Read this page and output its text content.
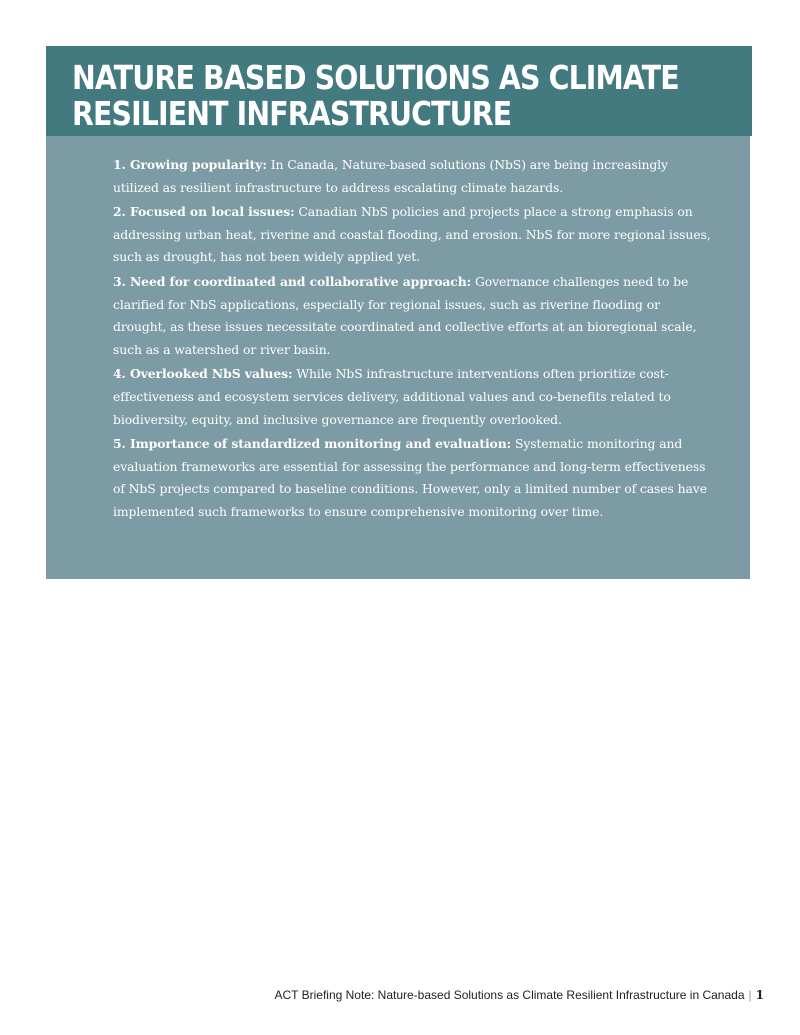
NATURE BASED SOLUTIONS AS CLIMATE
RESILIENT INFRASTRUCTURE
1. Growing popularity: In Canada, Nature-based solutions (NbS) are being increasingly utilized as resilient infrastructure to address escalating climate hazards.
2. Focused on local issues: Canadian NbS policies and projects place a strong emphasis on addressing urban heat, riverine and coastal flooding, and erosion. NbS for more regional issues, such as drought, has not been widely applied yet.
3. Need for coordinated and collaborative approach: Governance challenges need to be clarified for NbS applications, especially for regional issues, such as riverine flooding or drought, as these issues necessitate coordinated and collective efforts at an bioregional scale, such as a watershed or river basin.
4. Overlooked NbS values: While NbS infrastructure interventions often prioritize cost-effectiveness and ecosystem services delivery, additional values and co-benefits related to biodiversity, equity, and inclusive governance are frequently overlooked.
5. Importance of standardized monitoring and evaluation: Systematic monitoring and evaluation frameworks are essential for assessing the performance and long-term effectiveness of NbS projects compared to baseline conditions. However, only a limited number of cases have implemented such frameworks to ensure comprehensive monitoring over time.
ACT Briefing Note: Nature-based Solutions as Climate Resilient Infrastructure in Canada | 1
